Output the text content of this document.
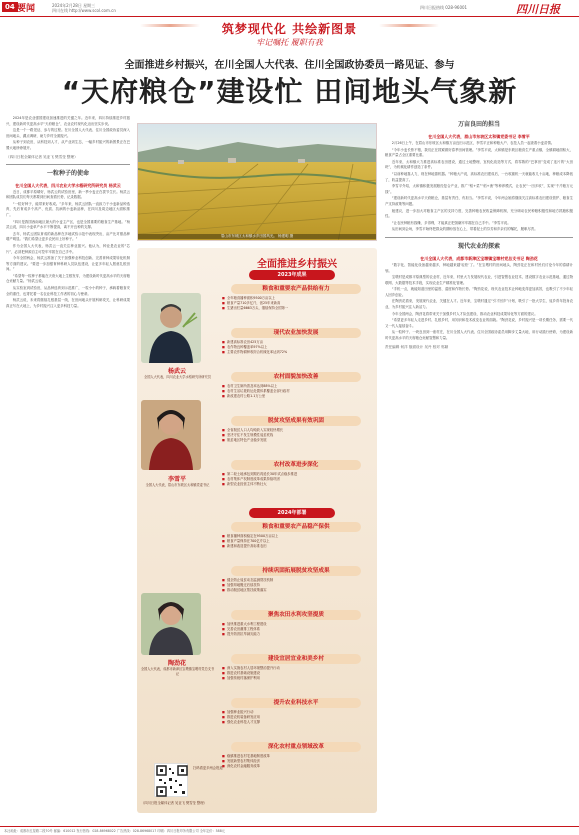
04 要闻	2024年2月28日 星期三
四川在线 http://www.scol.com.cn
四川日报热线 028-96001	四川日报
筑梦现代化 共绘新图景
牢记嘱托 履职有我
全面推进乡村振兴，在川全国人大代表、住川全国政协委员一路见证、参与
“天府粮仓”建设忙 田间地头气象新

2024年是农业强国建设加速推进的关键之年。近年来，四川持续推进乡村振兴，建设新时代更高水平“天府粮仓”，农业农村现代化迈出坚实步伐。

这是一个一路见证、参与的过程。在川全国人大代表、住川全国政协委员深入田间地头、蹲点调研，助力乡村全面振兴。

从种子到农田，从科技到人才，从产业到生态，一幅乡村振兴的新图景正在巴蜀大地徐徐展开。

（四川日报全媒体记者 吴亚飞 樊雪莹 整理）
一粒种子的使命
在川全国人大代表，四川农业大学水稻研究所研究员 杨武云

近日，成都平原晴好，杨武云的试验田里，新一季小麦正在拔节生长。杨武云和团队成员们每天都要到田间查看长势，记录数据。

“一粒好种子，能带来好收成。”多年来，杨武云团队一直致力于小麦新品种选育，先后育成多个高产、优质、抗病的小麦新品种，在四川及周边地区大面积推广。

“四川是我国西南地区最大的小麦主产区，也是全国重要的粮食生产基地。”杨武云说，四川小麦单产水平不断提高，离不开良种的支撑。

去年，杨武云团队育成的新品种在多地试验示范中表现突出，亩产比对照品种增产明显。“我们希望让更多农民用上好种子。”

作为全国人大代表，杨武云一直关注种业振兴。他认为，种业是农业的“芯片”，必须把种源自主可控牢牢抓在自己手中。

今年全国两会，杨武云准备了关于加强种业科技创新、完善育种成果转化机制等方面的建议。“要进一步加强育种科研人员队伍建设，让更多年轻人愿意扎根田间。”

“希望每一粒种子都能在天府大地上生根发芽，为建设新时代更高水平的天府粮仓贡献力量。”杨武云说。

从实验室到试验田，从品种选育到示范推广，一粒小小的种子，承载着粮食安全的重任，也寄托着一名农业科技工作者的初心与使命。

杨武云说，未来将继续扎根基层一线，在田间地头开展科研攻关，让科研成果真正写在大地上，为乡村振兴注入更多科技力量。

眉山市东坡区太和镇水乡田园风光。 杨建明 摄
全面推进乡村振兴
2023年成果
粮食和重要农产品供给有力
■ 全年粮食播种面积9500万亩以上
■ 粮食产量710多亿斤，创25年来新高
■ 生猪出栏量6663万头，继续保持全国第一
现代农业加快发展
■ 新建高标准农田425万亩
■ 农作物良种覆盖率97%以上
■ 主要农作物耕种收综合机械化率达到72%
农村面貌加快改善
■ 农村卫生厕所普及率达到88%以上
■ 农村生活垃圾收运处置体系覆盖全部行政村
■ 新改建农村公路1.1万公里
脱贫攻坚成果有效巩固
■ 全省脱贫人口人均纯收入实现较快增长
■ 坚决守住不发生规模性返贫底线
■ 脱贫地区特色产业稳步发展
农村改革进步深化
■ 第二轮土地承包到期后再延长30年试点稳步推进
■ 农村集体产权制度改革成果持续巩固
■ 新型农业经营主体不断壮大
2024年部署
粮食和重要农产品稳产保供
■ 粮食播种面积稳定在9500万亩以上
■ 粮食产量保持在700亿斤以上
■ 新建和改造提升高标准农田
持续巩固拓展脱贫攻坚成果
■ 健全防止返贫动态监测帮扶机制
■ 加强易地搬迁后续扶持
■ 推动脱贫地区帮扶政策落实
聚焦农田水利攻坚提质
■ 加快推进重大水利工程建设
■ 完善农田灌排工程体系
■ 提升防汛抗旱减灾能力
建设宜居宜业和美乡村
■ 深入实施农村人居环境整治提升行动
■ 推进农村基础设施建设
■ 加强传统村落保护利用
提升农业科技水平
■ 加强种业振兴行动
■ 推进农机装备研发应用
■ 强化农业科技人才支撑
深化农村重点领域改革
■ 稳慎推进农村宅基地制度改革
■ 发展新型农村集体经济
■ 深化农村金融服务改革
杨武云
全国人大代表，四川农业大学水稻研究所研究员
李雪平
全国人大代表，眉山市东坡区太和镇党委书记
陶劲花
全国人大代表，成都市新津区宝墩镇宝墩村党总支书记
扫码看更多两会报道
（四川日报全媒体记者 吴亚飞 樊雪莹 整理）
万亩良田的担当
在川全国人大代表，眉山市东坡区太和镇党委书记 李雪平

2月26日上午，在眉山市东坡区太和镇万亩良田示范区，李雪平正和种粮大户、农技人员一起查看小麦苗情。

“今年小麦长势不错，我们正在抓紧做好春季田间管理。”李雪平说，太和镇是东坡区粮食生产重点镇，全镇耕地面积大，粮食产量占全区重要比重。

近年来，太和镇大力推进高标准农田建设，通过土地整理、宜机化改造等方式，将零散的“巴掌田”变成了连片的“大田块”，为机械化耕作创造了条件。

“以前种地靠人力，现在种地靠机器。”种粮大户说，高标准农田建成后，一台收割机一天就能收几十亩地，种粮成本降低了，收益提高了。

李雪平介绍，太和镇积极发展粮经复合产业，推广“稻+菜”“稻+渔”等种养模式，让农民“一田多收”，实现“千斤粮万元钱”。

“建设新时代更高水平天府粮仓，基层有责任、有担当。”李雪平说，今年两会她将继续关注高标准农田建设管护、粮食生产支持政策等问题。

她建议，进一步加大对粮食主产区的支持力度，完善种粮农民收益保障机制，充分调动农民种粮积极性和地方抓粮积极性。

“让农民种粮有钱赚、多得利，才能真正把饭碗牢牢端在自己手中。”李雪平说。

从田间到会场，李雪平始终把群众的期盼放在心上，带着泥土的芬芳和乡亲们的嘱托，履职尽责。

现代农业的探索
在川全国人大代表，成都市新津区宝墩镇宝墩村党总支书记 陶劲花

“数字化、智能化设备越来越多，种地越来越‘轻松’了。”在宝墩村的田间地头，陶劲花正在和村民们讨论今年的春耕计划。

宝墩村是成都平原典型的农业村，近年来，村里大力发展现代农业，引进智慧农业技术，建设数字农业示范基地，通过物联网、大数据等技术手段，实现农业生产精准化管理。

“手机一点，就能知道田里的温度、湿度和作物长势。”陶劲花说，现代农业技术让种地变得更加高效，也吸引了不少年轻人回乡创业。

在陶劲花看来，发展现代农业，关键在人才。近年来，宝墩村通过“引才回乡”计划，吸引了一批大学生、返乡青年投身农业，为乡村振兴注入新活力。

今年全国两会，陶劲花将带来关于加强乡村人才队伍建设、推动农业科技成果转化等方面的建议。

“希望更多年轻人走进乡村、扎根乡村，用知识和技术改变农业的面貌。”陶劲花说，乡村振兴是一项长期任务，需要一代又一代人接续奋斗。

从一粒种子、一块良田到一座村庄，在川全国人大代表、住川全国政协委员用脚步丈量大地，用行动践行使命，为建设新时代更高水平的天府粮仓贡献智慧和力量。

责任编辑 何洋 版面设计 吴丹 校对 郭颖
本社地址：成都市红星路二段70号 邮编：610012 发行热线：028-86968022 广告热线：028-86968017 印刷：四川日报印务有限公司 全年定价：588元
